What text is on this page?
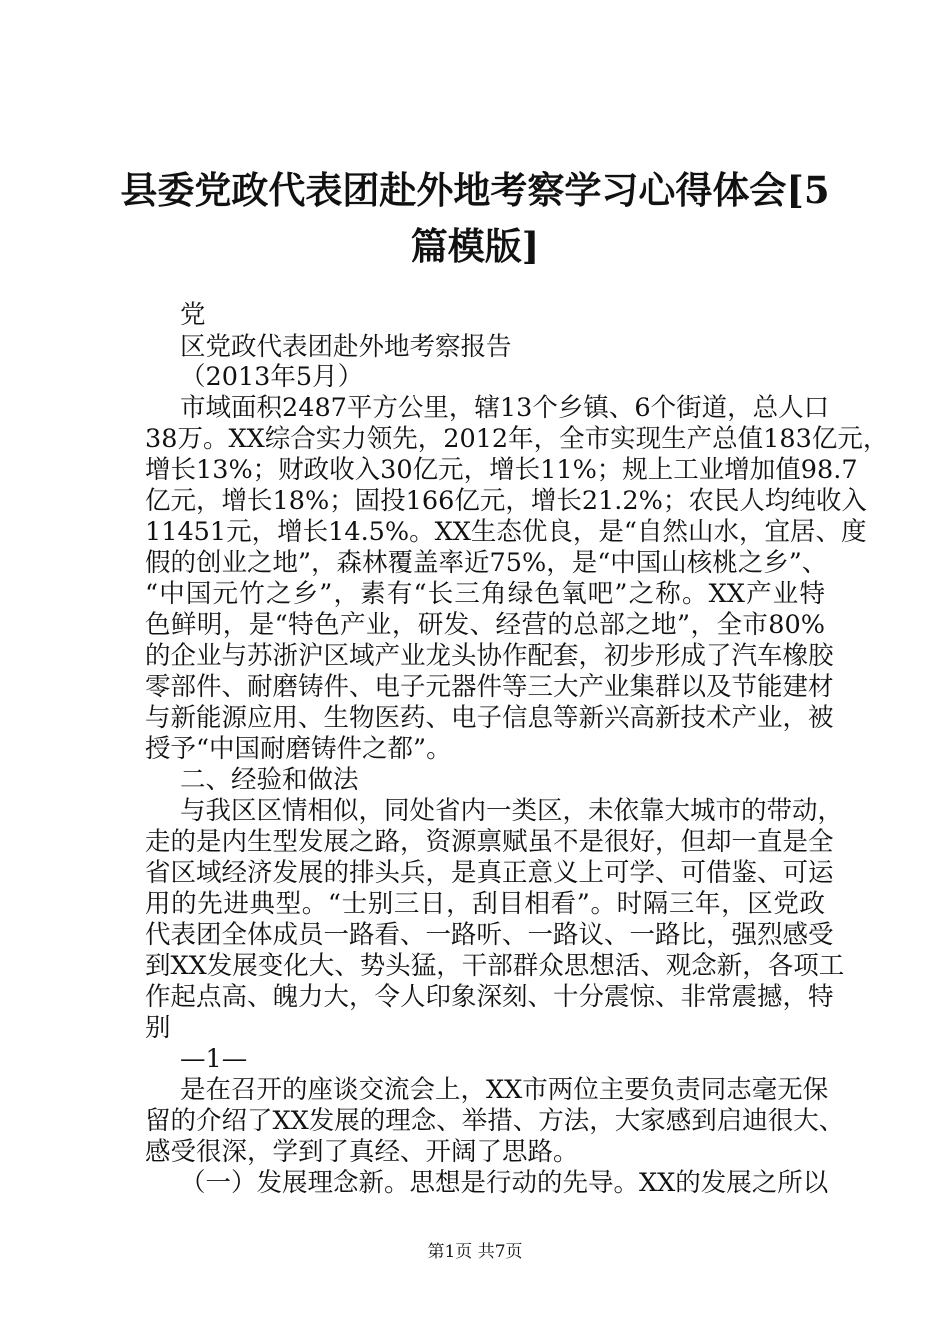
县委党政代表团赴外地考察学习心得体会[5
篇模版]
党
区党政代表团赴外地考察报告
（2013年5月）
市域面积2487平方公里，辖13个乡镇、6个街道，总人口
38万。XX综合实力领先，2012年，全市实现生产总值183亿元，
增长13%；财政收入30亿元，增长11%；规上工业增加值98.7
亿元，增长18%；固投166亿元，增长21.2%；农民人均纯收入
11451元，增长14.5%。XX生态优良，是“自然山水，宜居、度
假的创业之地”，森林覆盖率近75%，是“中国山核桃之乡”、
“中国元竹之乡”，素有“长三角绿色氧吧”之称。XX产业特
色鲜明，是“特色产业，研发、经营的总部之地”，全市80%
的企业与苏浙沪区域产业龙头协作配套，初步形成了汽车橡胶
零部件、耐磨铸件、电子元器件等三大产业集群以及节能建材
与新能源应用、生物医药、电子信息等新兴高新技术产业，被
授予“中国耐磨铸件之都”。
二、经验和做法
与我区区情相似，同处省内一类区，未依靠大城市的带动，
走的是内生型发展之路，资源禀赋虽不是很好，但却一直是全
省区域经济发展的排头兵，是真正意义上可学、可借鉴、可运
用的先进典型。“士别三日，刮目相看”。时隔三年，区党政
代表团全体成员一路看、一路听、一路议、一路比，强烈感受
到XX发展变化大、势头猛，干部群众思想活、观念新，各项工
作起点高、魄力大，令人印象深刻、十分震惊、非常震撼，特
别
—1—
是在召开的座谈交流会上，XX市两位主要负责同志毫无保
留的介绍了XX发展的理念、举措、方法，大家感到启迪很大、
感受很深，学到了真经、开阔了思路。
（一）发展理念新。思想是行动的先导。XX的发展之所以
第1页 共7页
